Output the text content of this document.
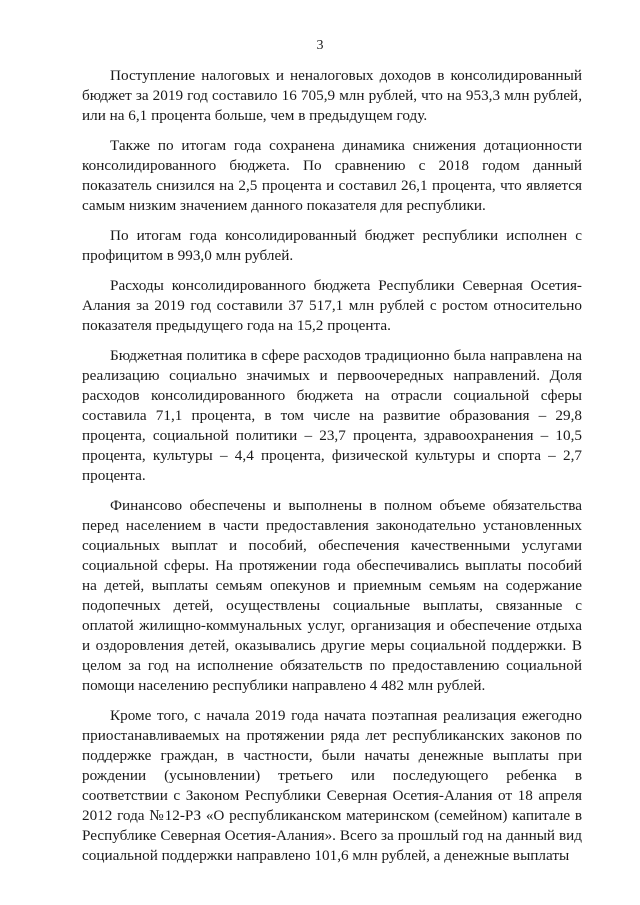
3

Поступление налоговых и неналоговых доходов в консолидированный бюджет за 2019 год составило 16 705,9 млн рублей, что на 953,3 млн рублей, или на 6,1 процента больше, чем в предыдущем году.

Также по итогам года сохранена динамика снижения дотационности консолидированного бюджета. По сравнению с 2018 годом данный показатель снизился на 2,5 процента и составил 26,1 процента, что является самым низким значением данного показателя для республики.

По итогам года консолидированный бюджет республики исполнен с профицитом в 993,0 млн рублей.

Расходы консолидированного бюджета Республики Северная Осетия-Алания за 2019 год составили 37 517,1 млн рублей с ростом относительно показателя предыдущего года на 15,2 процента.

Бюджетная политика в сфере расходов традиционно была направлена на реализацию социально значимых и первоочередных направлений. Доля расходов консолидированного бюджета на отрасли социальной сферы составила 71,1 процента, в том числе на развитие образования – 29,8 процента, социальной политики – 23,7 процента, здравоохранения – 10,5 процента, культуры – 4,4 процента, физической культуры и спорта – 2,7 процента.

Финансово обеспечены и выполнены в полном объеме обязательства перед населением в части предоставления законодательно установленных социальных выплат и пособий, обеспечения качественными услугами социальной сферы. На протяжении года обеспечивались выплаты пособий на детей, выплаты семьям опекунов и приемным семьям на содержание подопечных детей, осуществлены социальные выплаты, связанные с оплатой жилищно-коммунальных услуг, организация и обеспечение отдыха и оздоровления детей, оказывались другие меры социальной поддержки. В целом за год на исполнение обязательств по предоставлению социальной помощи населению республики направлено 4 482 млн рублей.

Кроме того, с начала 2019 года начата поэтапная реализация ежегодно приостанавливаемых на протяжении ряда лет республиканских законов по поддержке граждан, в частности, были начаты денежные выплаты при рождении (усыновлении) третьего или последующего ребенка в соответствии с Законом Республики Северная Осетия-Алания от 18 апреля 2012 года №12-РЗ «О республиканском материнском (семейном) капитале в Республике Северная Осетия-Алания». Всего за прошлый год на данный вид социальной поддержки направлено 101,6 млн рублей, а денежные выплаты
